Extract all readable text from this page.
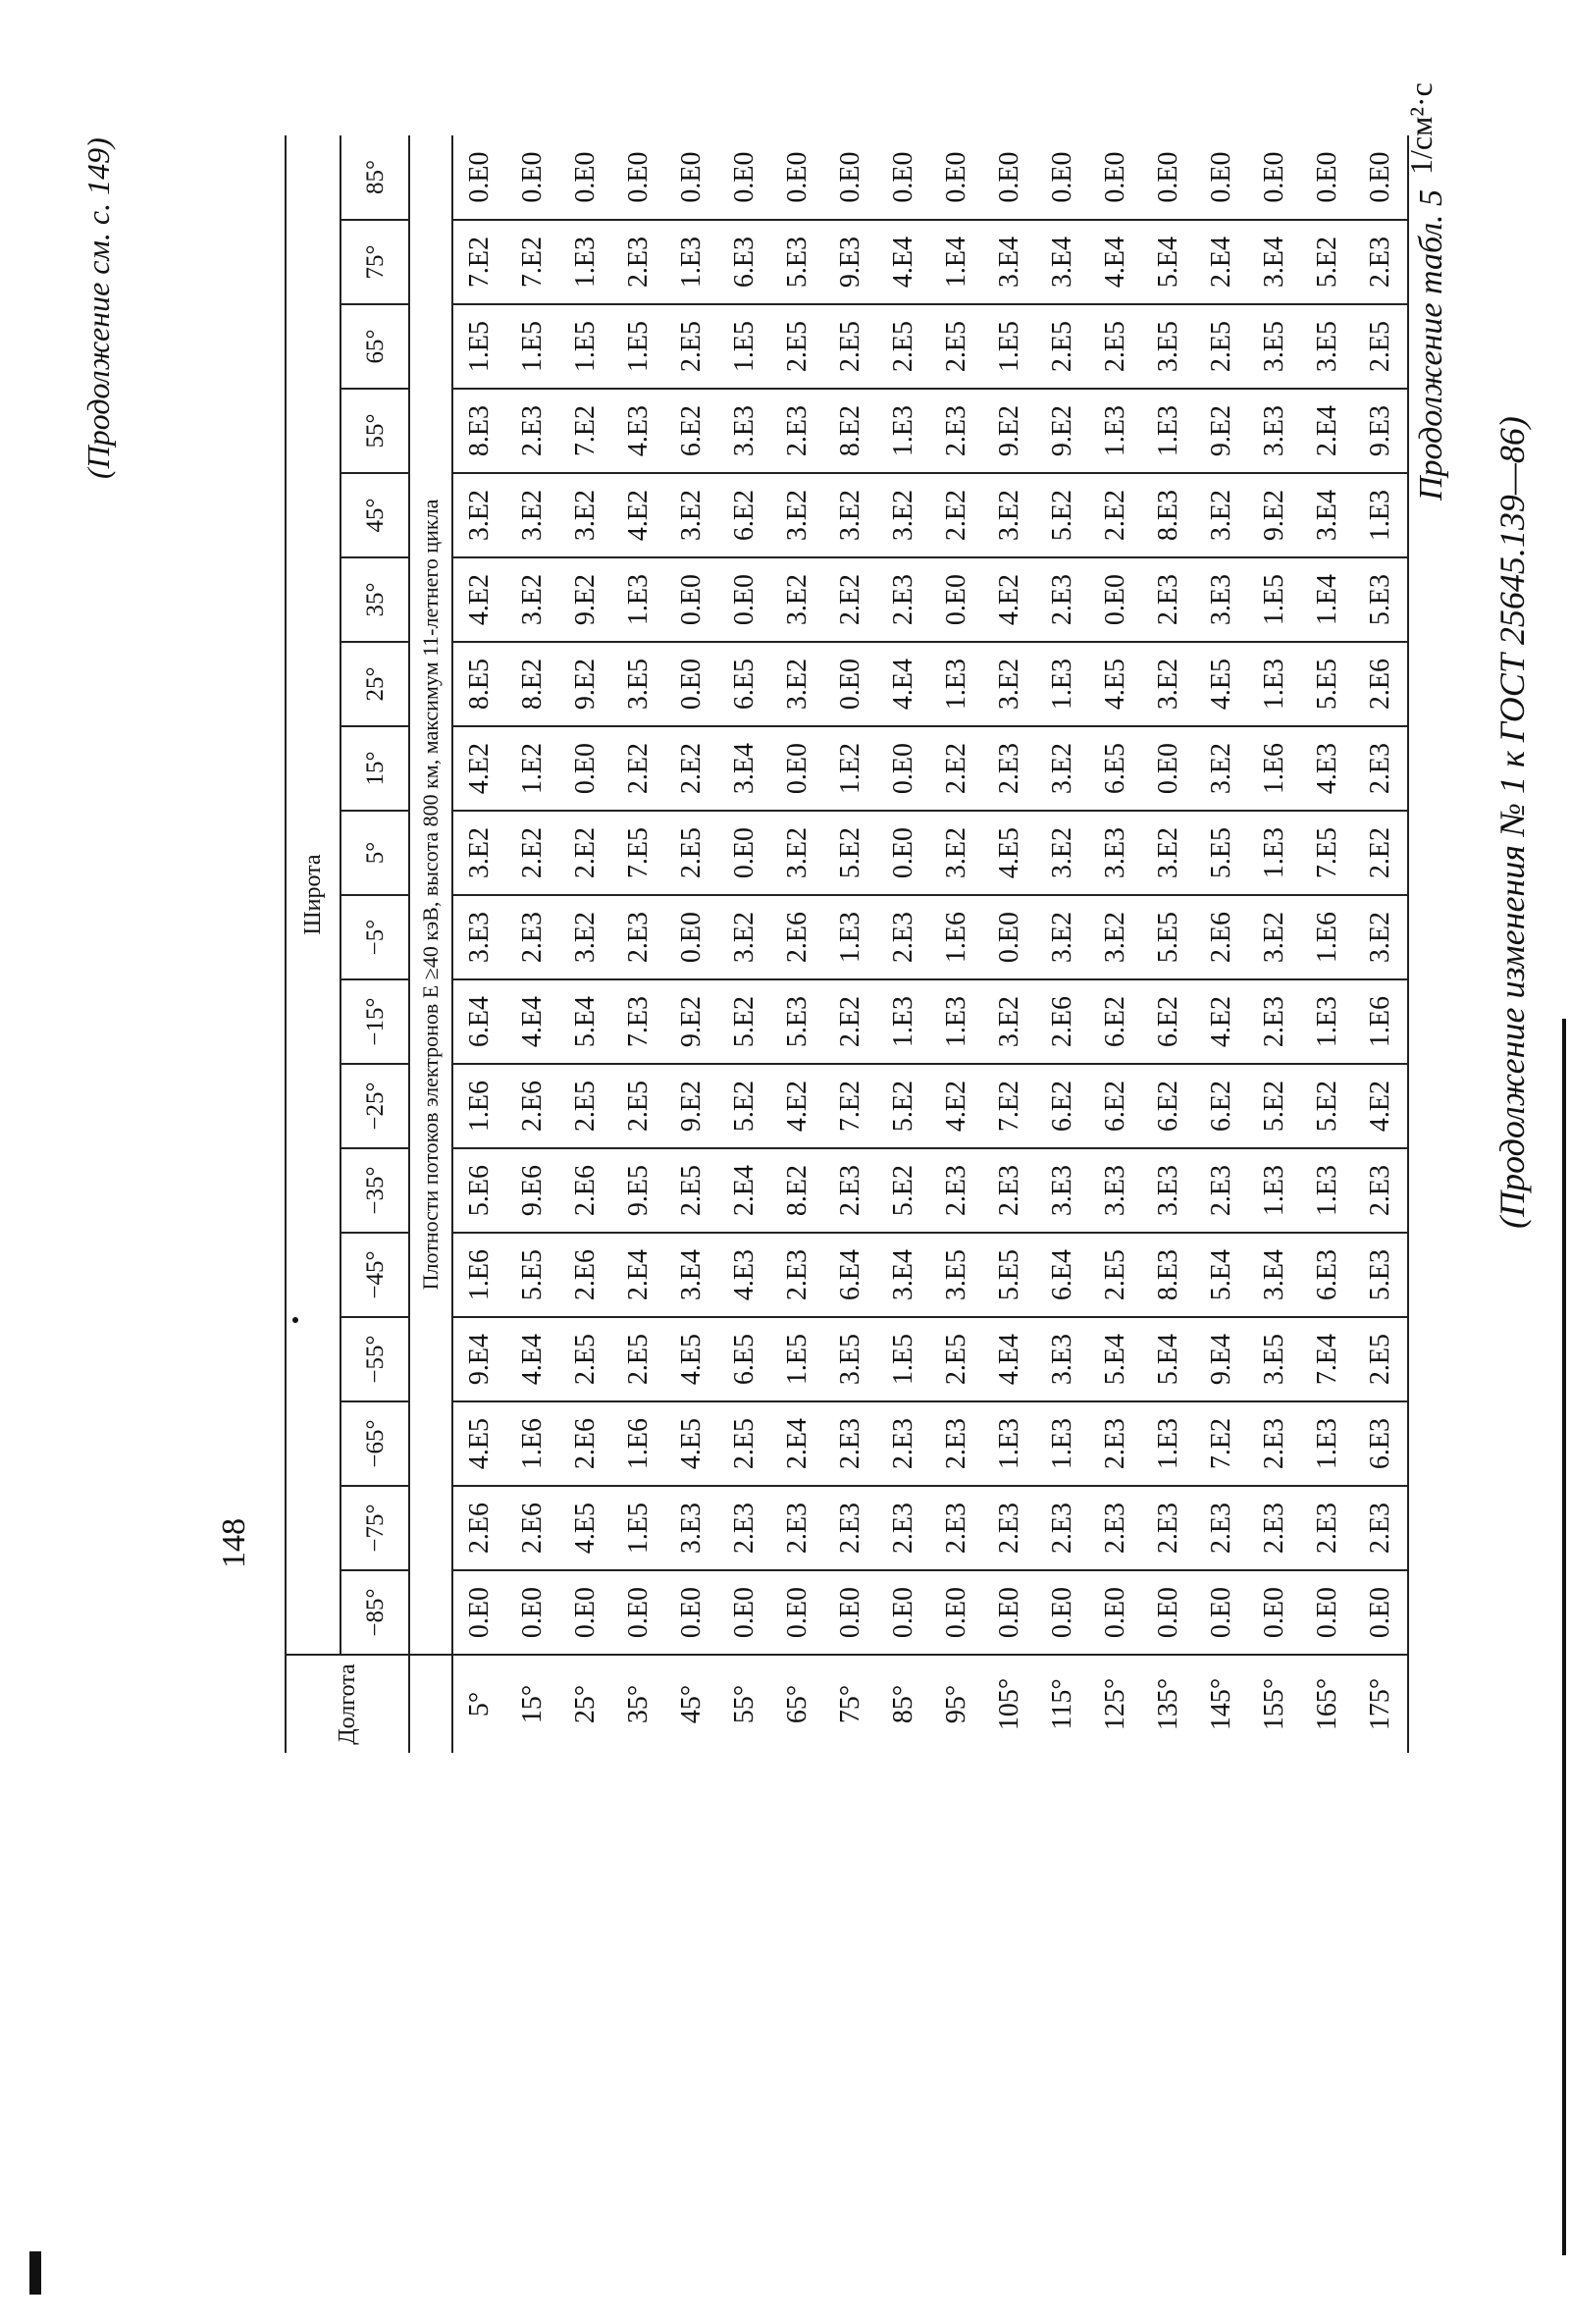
148
(Продолжение изменения № 1 к ГОСТ 25645.139—86)
Продолжение табл. 5
1/см²·с
Долгота	Широта																	
	−85°	−75°	−65°	−55°	−45°	−35°	−25°	−15°	−5°	5°	15°	25°	35°	45°	55°	65°	75°	85°
	Плотности потоков электронов E ≥40 кэВ, высота 800 км, максимум 11-летнего цикла																	
5°	0.E0	2.E6	4.E5	9.E4	1.E6	5.E6	1.E6	6.E4	3.E3	3.E2	4.E2	8.E5	4.E2	3.E2	8.E3	1.E5	7.E2	0.E0
15°	0.E0	2.E6	1.E6	4.E4	5.E5	9.E6	2.E6	4.E4	2.E3	2.E2	1.E2	8.E2	3.E2	3.E2	2.E3	1.E5	7.E2	0.E0
25°	0.E0	4.E5	2.E6	2.E5	2.E6	2.E6	2.E5	5.E4	3.E2	2.E2	0.E0	9.E2	9.E2	3.E2	7.E2	1.E5	1.E3	0.E0
35°	0.E0	1.E5	1.E6	2.E5	2.E4	9.E5	2.E5	7.E3	2.E3	7.E5	2.E2	3.E5	1.E3	4.E2	4.E3	1.E5	2.E3	0.E0
45°	0.E0	3.E3	4.E5	4.E5	3.E4	2.E5	9.E2	9.E2	0.E0	2.E5	2.E2	0.E0	0.E0	3.E2	6.E2	2.E5	1.E3	0.E0
55°	0.E0	2.E3	2.E5	6.E5	4.E3	2.E4	5.E2	5.E2	3.E2	0.E0	3.E4	6.E5	0.E0	6.E2	3.E3	1.E5	6.E3	0.E0
65°	0.E0	2.E3	2.E4	1.E5	2.E3	8.E2	4.E2	5.E3	2.E6	3.E2	0.E0	3.E2	3.E2	3.E2	2.E3	2.E5	5.E3	0.E0
75°	0.E0	2.E3	2.E3	3.E5	6.E4	2.E3	7.E2	2.E2	1.E3	5.E2	1.E2	0.E0	2.E2	3.E2	8.E2	2.E5	9.E3	0.E0
85°	0.E0	2.E3	2.E3	1.E5	3.E4	5.E2	5.E2	1.E3	2.E3	0.E0	0.E0	4.E4	2.E3	3.E2	1.E3	2.E5	4.E4	0.E0
95°	0.E0	2.E3	2.E3	2.E5	3.E5	2.E3	4.E2	1.E3	1.E6	3.E2	2.E2	1.E3	0.E0	2.E2	2.E3	2.E5	1.E4	0.E0
105°	0.E0	2.E3	1.E3	4.E4	5.E5	2.E3	7.E2	3.E2	0.E0	4.E5	2.E3	3.E2	4.E2	3.E2	9.E2	1.E5	3.E4	0.E0
115°	0.E0	2.E3	1.E3	3.E3	6.E4	3.E3	6.E2	2.E6	3.E2	3.E2	3.E2	1.E3	2.E3	5.E2	9.E2	2.E5	3.E4	0.E0
125°	0.E0	2.E3	2.E3	5.E4	2.E5	3.E3	6.E2	6.E2	3.E2	3.E3	6.E5	4.E5	0.E0	2.E2	1.E3	2.E5	4.E4	0.E0
135°	0.E0	2.E3	1.E3	5.E4	8.E3	3.E3	6.E2	6.E2	5.E5	3.E2	0.E0	3.E2	2.E3	8.E3	1.E3	3.E5	5.E4	0.E0
145°	0.E0	2.E3	7.E2	9.E4	5.E4	2.E3	6.E2	4.E2	2.E6	5.E5	3.E2	4.E5	3.E3	3.E2	9.E2	2.E5	2.E4	0.E0
155°	0.E0	2.E3	2.E3	3.E5	3.E4	1.E3	5.E2	2.E3	3.E2	1.E3	1.E6	1.E3	1.E5	9.E2	3.E3	3.E5	3.E4	0.E0
165°	0.E0	2.E3	1.E3	7.E4	6.E3	1.E3	5.E2	1.E3	1.E6	7.E5	4.E3	5.E5	1.E4	3.E4	2.E4	3.E5	5.E2	0.E0
175°	0.E0	2.E3	6.E3	2.E5	5.E3	2.E3	4.E2	1.E6	3.E2	2.E2	2.E3	2.E6	5.E3	1.E3	9.E3	2.E5	2.E3	0.E0
(Продолжение см. с. 149)
